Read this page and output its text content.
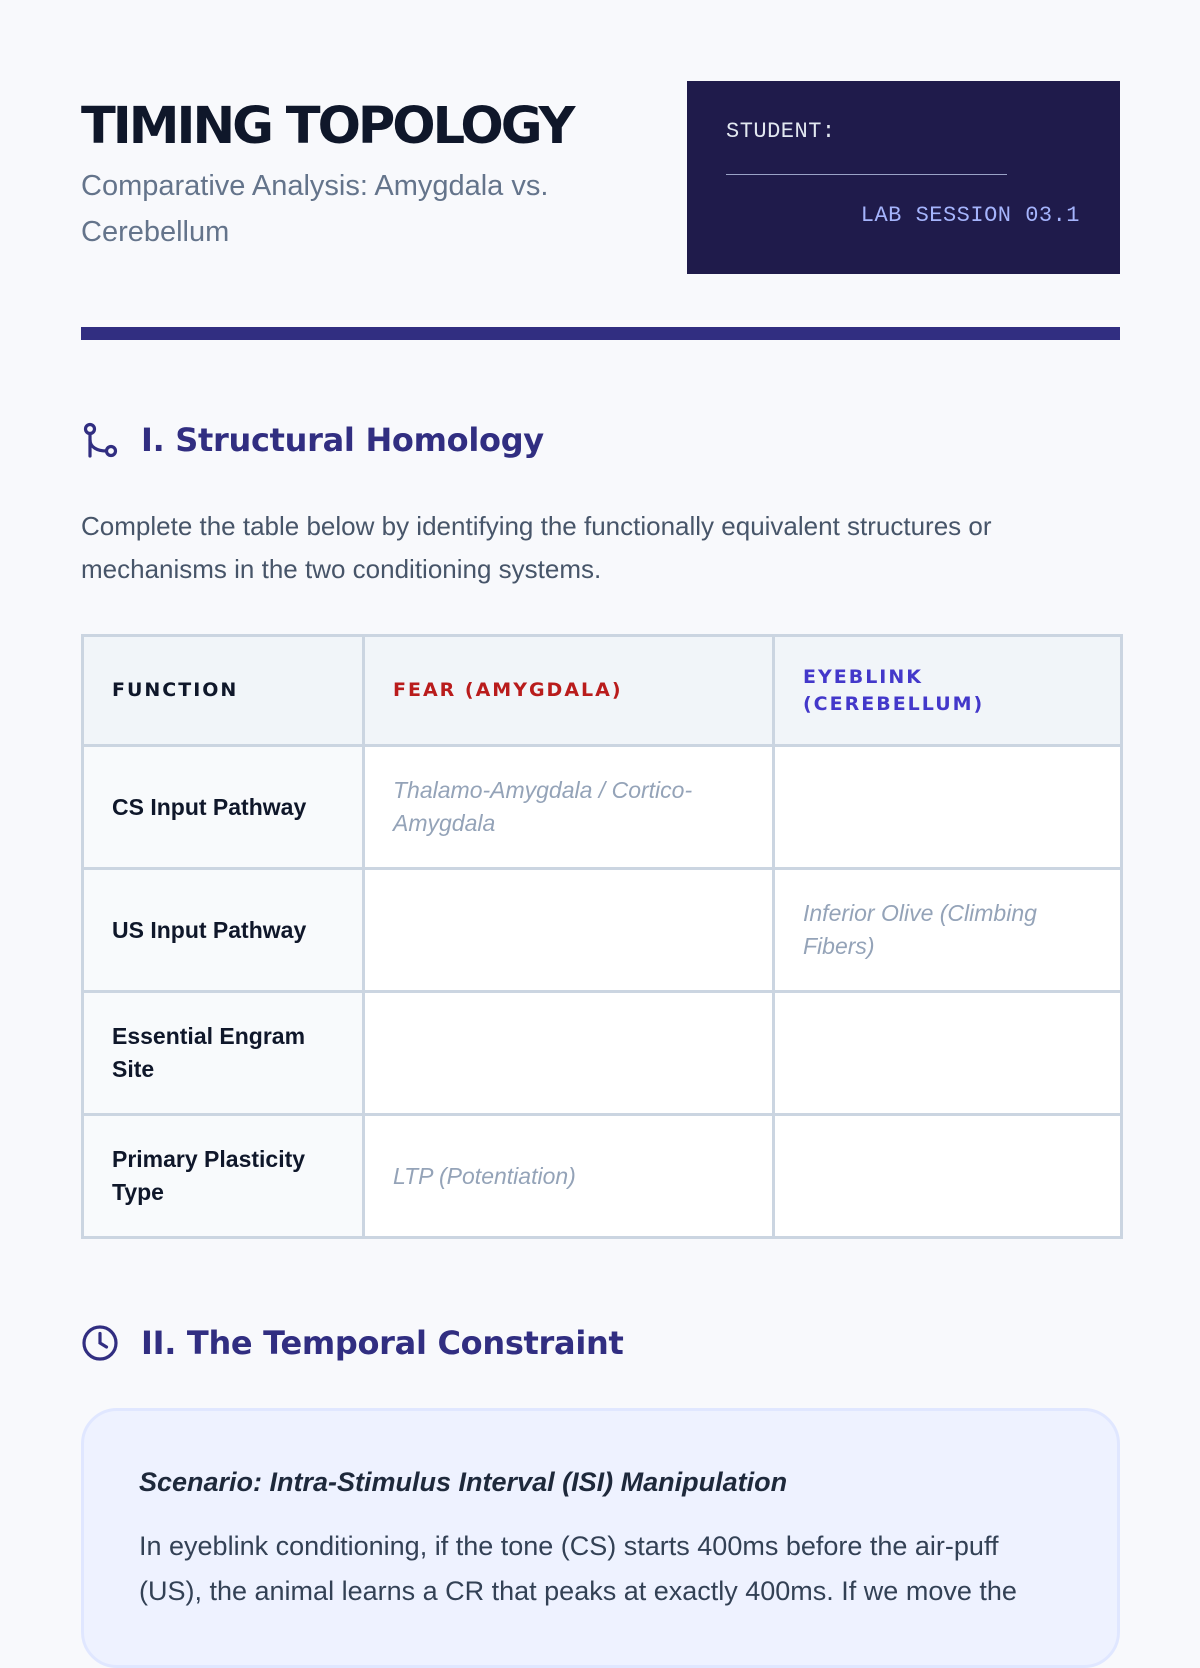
TIMING TOPOLOGY
Comparative Analysis: Amygdala vs. Cerebellum
STUDENT:
LAB SESSION 03.1
I. Structural Homology
Complete the table below by identifying the functionally equivalent structures or mechanisms in the two conditioning systems.
FUNCTION	FEAR (AMYGDALA)	EYEBLINK (CEREBELLUM)
CS Input Pathway	Thalamo-Amygdala / Cortico-Amygdala	
US Input Pathway		Inferior Olive (Climbing Fibers)
Essential Engram Site		
Primary Plasticity Type	LTP (Potentiation)	
II. The Temporal Constraint
Scenario: Intra-Stimulus Interval (ISI) Manipulation
In eyeblink conditioning, if the tone (CS) starts 400ms before the air-puff (US), the animal learns a CR that peaks at exactly 400ms. If we move the
